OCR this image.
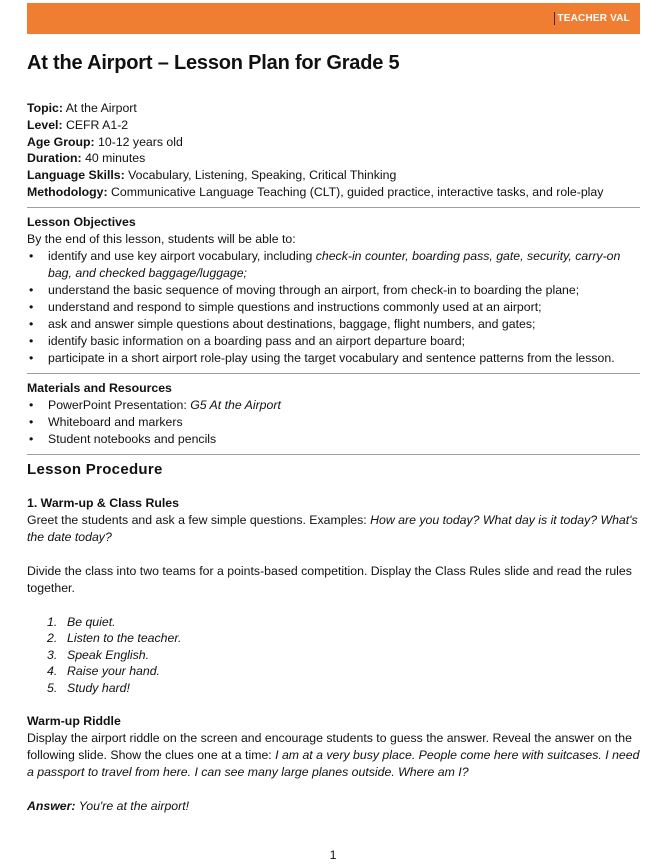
TEACHER VAL
At the Airport – Lesson Plan for Grade 5
Topic: At the Airport
Level: CEFR A1-2
Age Group: 10-12 years old
Duration: 40 minutes
Language Skills: Vocabulary, Listening, Speaking, Critical Thinking
Methodology: Communicative Language Teaching (CLT), guided practice, interactive tasks, and role-play
Lesson Objectives
By the end of this lesson, students will be able to:
• identify and use key airport vocabulary, including check-in counter, boarding pass, gate, security, carry-on bag, and checked baggage/luggage;
• understand the basic sequence of moving through an airport, from check-in to boarding the plane;
• understand and respond to simple questions and instructions commonly used at an airport;
• ask and answer simple questions about destinations, baggage, flight numbers, and gates;
• identify basic information on a boarding pass and an airport departure board;
• participate in a short airport role-play using the target vocabulary and sentence patterns from the lesson.
Materials and Resources
• PowerPoint Presentation: G5 At the Airport
• Whiteboard and markers
• Student notebooks and pencils
Lesson Procedure
1. Warm-up & Class Rules
Greet the students and ask a few simple questions. Examples: How are you today? What day is it today? What's the date today?
Divide the class into two teams for a points-based competition. Display the Class Rules slide and read the rules together.
1. Be quiet.
2. Listen to the teacher.
3. Speak English.
4. Raise your hand.
5. Study hard!
Warm-up Riddle
Display the airport riddle on the screen and encourage students to guess the answer. Reveal the answer on the following slide. Show the clues one at a time: I am at a very busy place. People come here with suitcases. I need a passport to travel from here. I can see many large planes outside. Where am I?
Answer: You're at the airport!
1
